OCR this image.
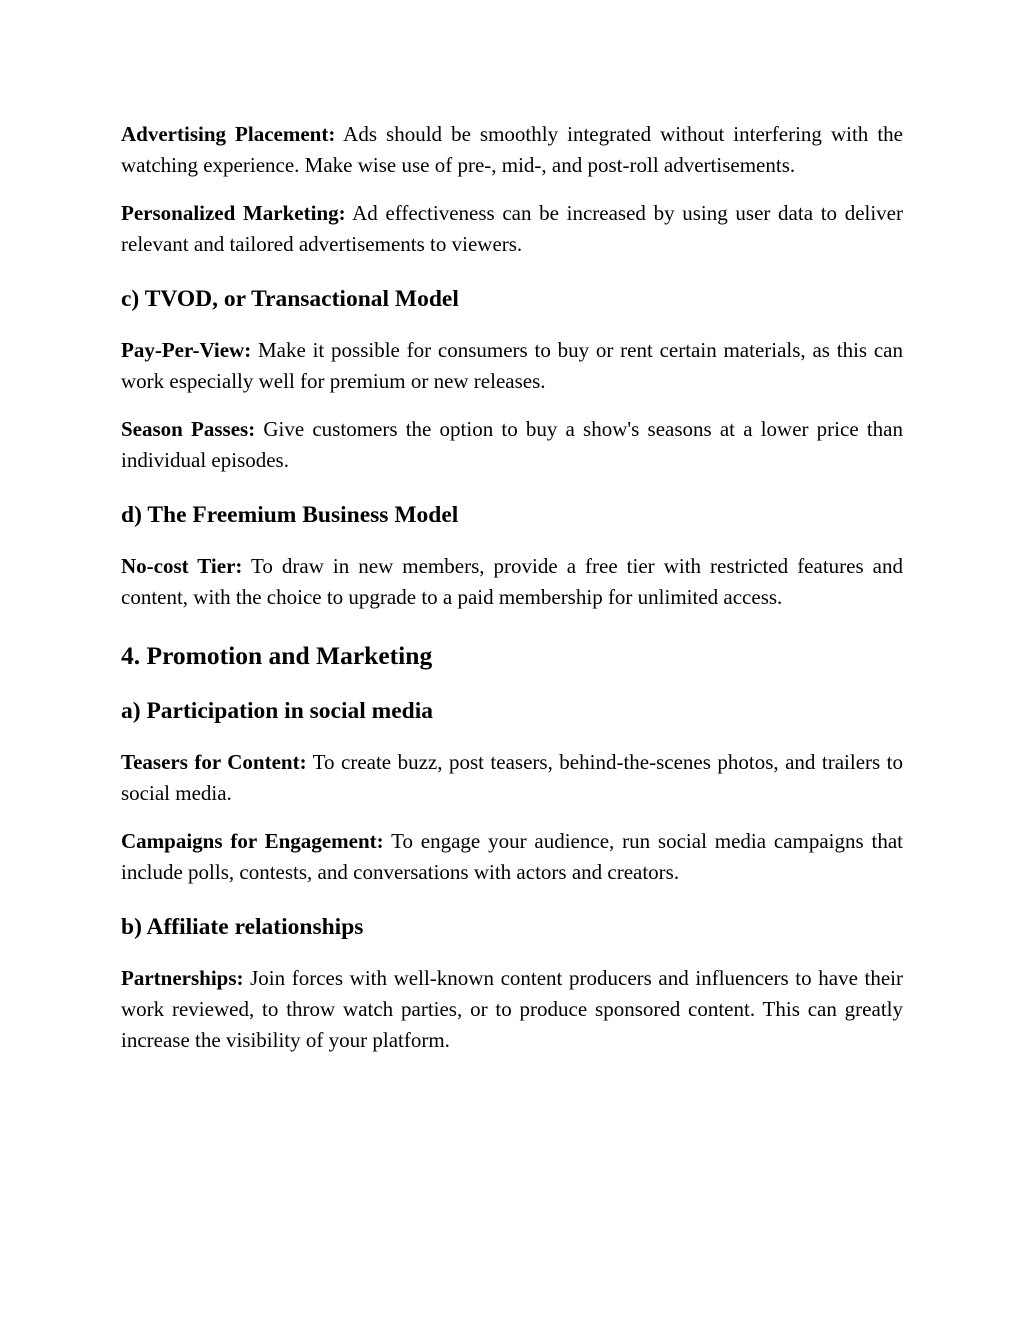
Advertising Placement: Ads should be smoothly integrated without interfering with the watching experience. Make wise use of pre-, mid-, and post-roll advertisements.

Personalized Marketing: Ad effectiveness can be increased by using user data to deliver relevant and tailored advertisements to viewers.

c) TVOD, or Transactional Model

Pay-Per-View: Make it possible for consumers to buy or rent certain materials, as this can work especially well for premium or new releases.

Season Passes: Give customers the option to buy a show's seasons at a lower price than individual episodes.

d) The Freemium Business Model

No-cost Tier: To draw in new members, provide a free tier with restricted features and content, with the choice to upgrade to a paid membership for unlimited access.

4. Promotion and Marketing
a) Participation in social media

Teasers for Content: To create buzz, post teasers, behind-the-scenes photos, and trailers to social media.

Campaigns for Engagement: To engage your audience, run social media campaigns that include polls, contests, and conversations with actors and creators.

b) Affiliate relationships

Partnerships: Join forces with well-known content producers and influencers to have their work reviewed, to throw watch parties, or to produce sponsored content. This can greatly increase the visibility of your platform.
